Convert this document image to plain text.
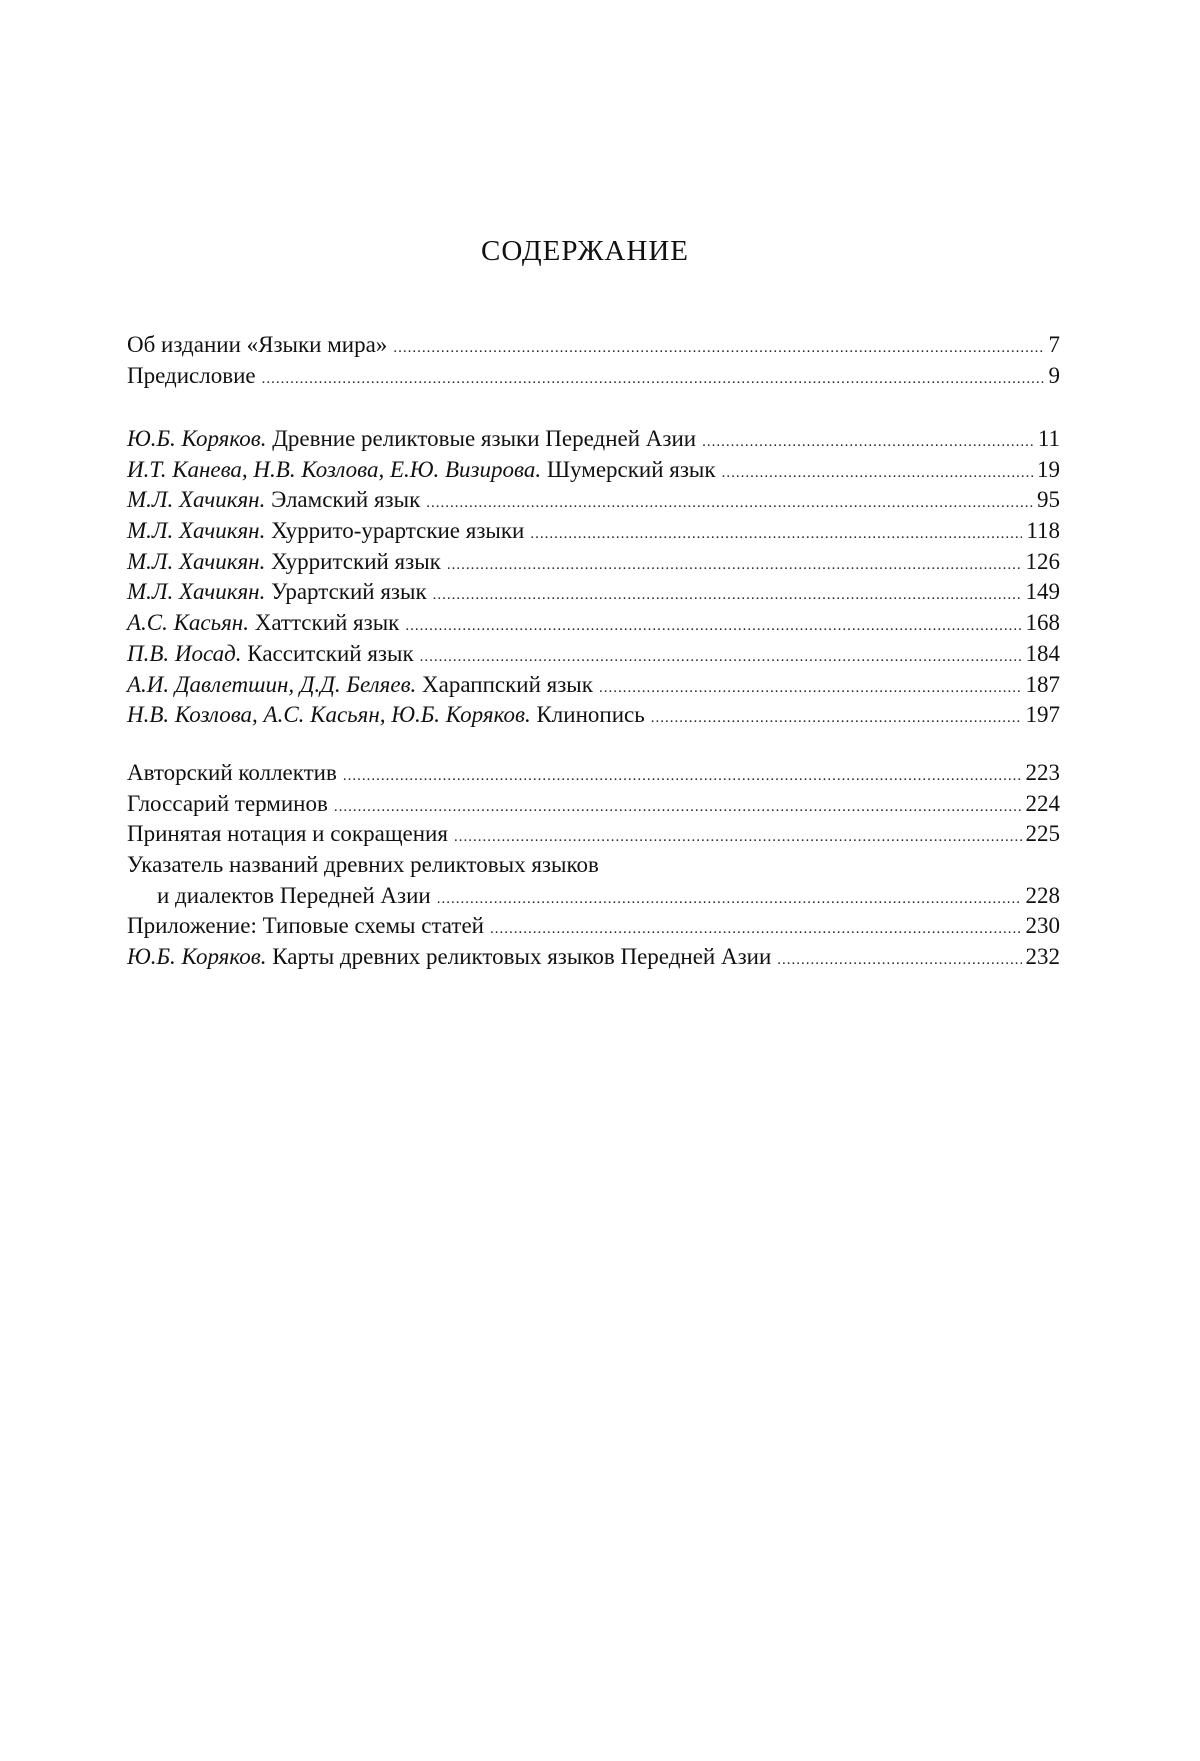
СОДЕРЖАНИЕ
Об издании «Языки мира» .....	7
Предисловие .....	9
Ю.Б. Коряков. Древние реликтовые языки Передней Азии .....	11
И.Т. Канева, Н.В. Козлова, Е.Ю. Визирова. Шумерский язык .....	19
М.Л. Хачикян. Эламский язык .....	95
М.Л. Хачикян. Хуррито-урартские языки .....	118
М.Л. Хачикян. Хурритский язык .....	126
М.Л. Хачикян. Урартский язык .....	149
А.С. Касьян. Хаттский язык .....	168
П.В. Иосад. Касситский язык .....	184
А.И. Давлетшин, Д.Д. Беляев. Хараппский язык .....	187
Н.В. Козлова, А.С. Касьян, Ю.Б. Коряков. Клинопись .....	197
Авторский коллектив .....	223
Глоссарий терминов .....	224
Принятая нотация и сокращения .....	225
Указатель названий древних реликтовых языков
и диалектов Передней Азии .....	228
Приложение: Типовые схемы статей .....	230
Ю.Б. Коряков. Карты древних реликтовых языков Передней Азии .....	232
